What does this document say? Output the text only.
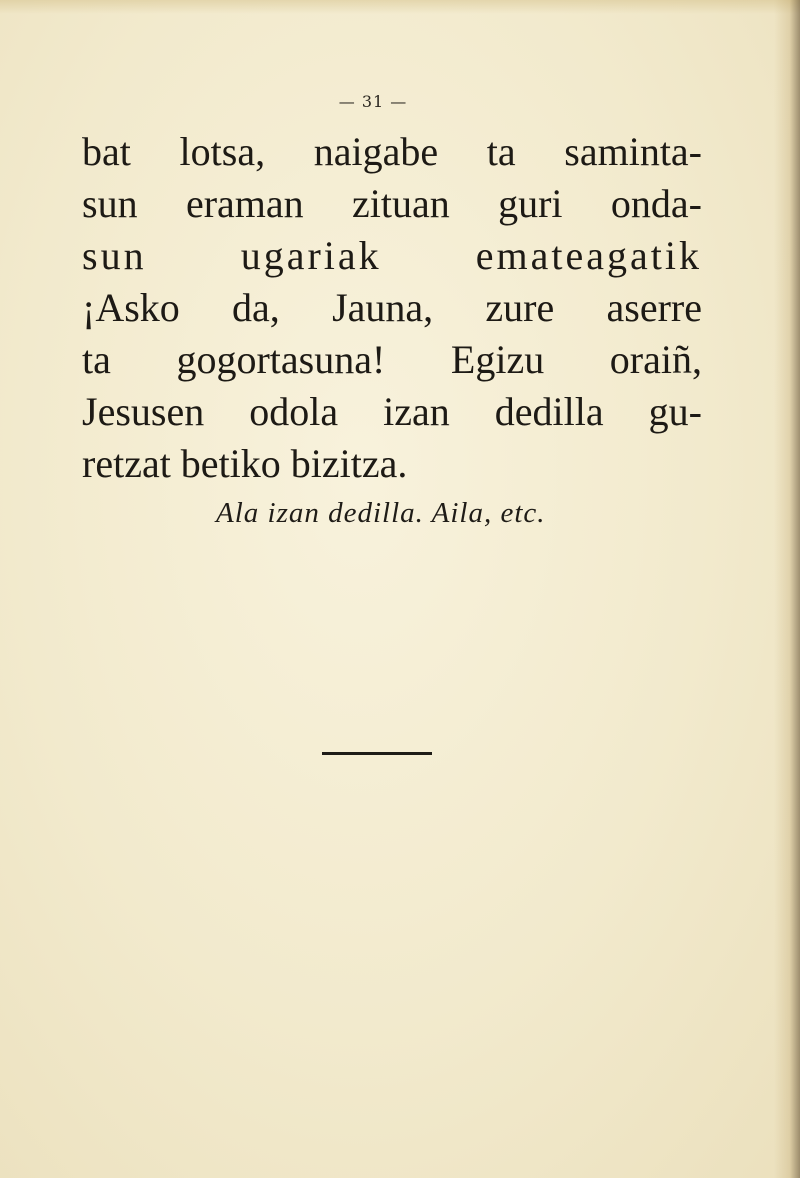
— 31 —
bat lotsa, naigabe ta saminta-
sun eraman zituan guri onda-
sun ugariak emateagatik
¡Asko da, Jauna, zure aserre
ta gogortasuna! Egizu oraiñ,
Jesusen odola izan dedilla gu-
retzat betiko bizitza.
Ala izan dedilla. Aila, etc.
